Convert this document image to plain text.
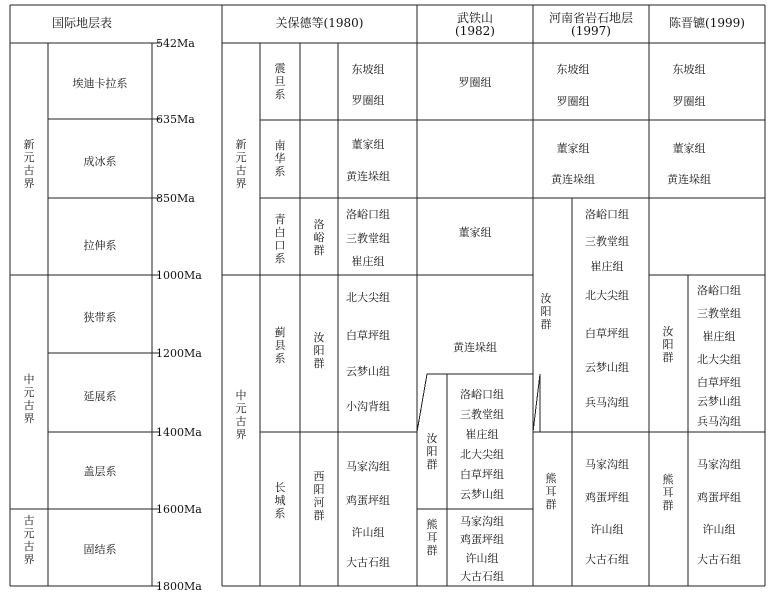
国际地层表	关保德等(1980)	武铁山
(1982)
河南省岩石地层
(1997)
陈晋镳(1999)
542Ma
635Ma
850Ma
1000Ma
1200Ma
1400Ma
1600Ma
1800Ma
新元古界
中元古界
古元古界
埃迪卡拉系
成冰系
拉伸系
狭带系
延展系
盖层系
固结系
新元古界
中元古界
震旦系
南华系
青白口系
蓟县系
长城系
洛峪群
汝阳群
西阳河群
东坡组
罗圈组
董家组
黄连垛组
洛峪口组
三教堂组
崔庄组
北大尖组
白草坪组
云梦山组
小沟背组
马家沟组
鸡蛋坪组
许山组
大古石组
罗圈组
董家组
黄连垛组
汝阳群
熊耳群
洛峪口组
三教堂组
崔庄组
北大尖组
白草坪组
云梦山组
马家沟组
鸡蛋坪组
许山组
大古石组
东坡组
罗圈组
董家组
黄连垛组
汝阳群
熊耳群
洛峪口组
三教堂组
崔庄组
北大尖组
白草坪组
云梦山组
兵马沟组
马家沟组
鸡蛋坪组
许山组
大古石组
东坡组
罗圈组
董家组
黄连垛组
汝阳群
熊耳群
洛峪口组
三教堂组
崔庄组
北大尖组
白草坪组
云梦山组
兵马沟组
马家沟组
鸡蛋坪组
许山组
大古石组
